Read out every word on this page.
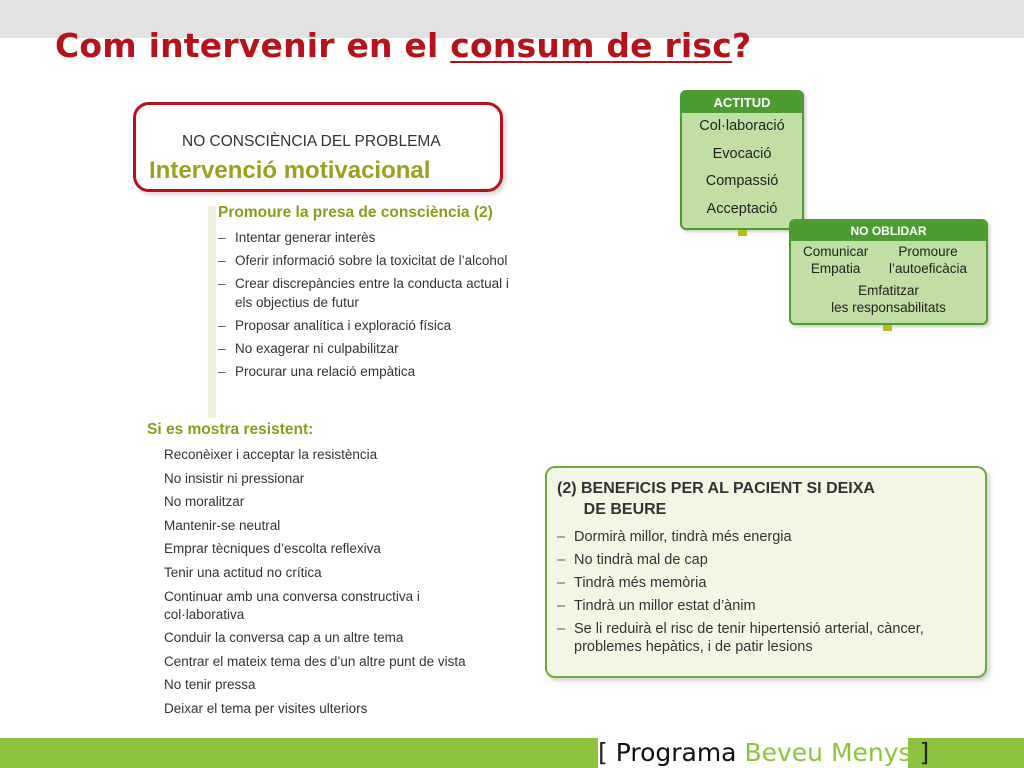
Com intervenir en el consum de risc?
NO CONSCIÈNCIA DEL PROBLEMA
Intervenció motivacional
Promoure la presa de consciència (2)
– Intentar generar interès
– Oferir informació sobre la toxicitat de l’alcohol
– Crear discrepàncies entre la conducta actual i els objectius de futur
– Proposar analítica i exploració física
– No exagerar ni culpabilitzar
– Procurar una relació empàtica
Si es mostra resistent:
Reconèixer i acceptar la resistència
No insistir ni pressionar
No moralitzar
Mantenir-se neutral
Emprar tècniques d’escolta reflexiva
Tenir una actitud no crítica
Continuar amb una conversa constructiva i col·laborativa
Conduir la conversa cap a un altre tema
Centrar el mateix tema des d’un altre punt de vista
No tenir pressa
Deixar el tema per visites ulteriors
ACTITUD
Col·laboració
Evocació
Compassió
Acceptació
NO OBLIDAR
Comunicar
Empatia
Promoure
l’autoeficàcia
Emfatitzar
les responsabilitats
(2) BENEFICIS PER AL PACIENT SI DEIXA
DE BEURE
– Dormirà millor, tindrà més energia
– No tindrà mal de cap
– Tindrà més memòria
– Tindrà un millor estat d’ànim
– Se li reduirà el risc de tenir hipertensió arterial, càncer, problemes hepàtics, i de patir lesions
[ Programa Beveu Menys ]
